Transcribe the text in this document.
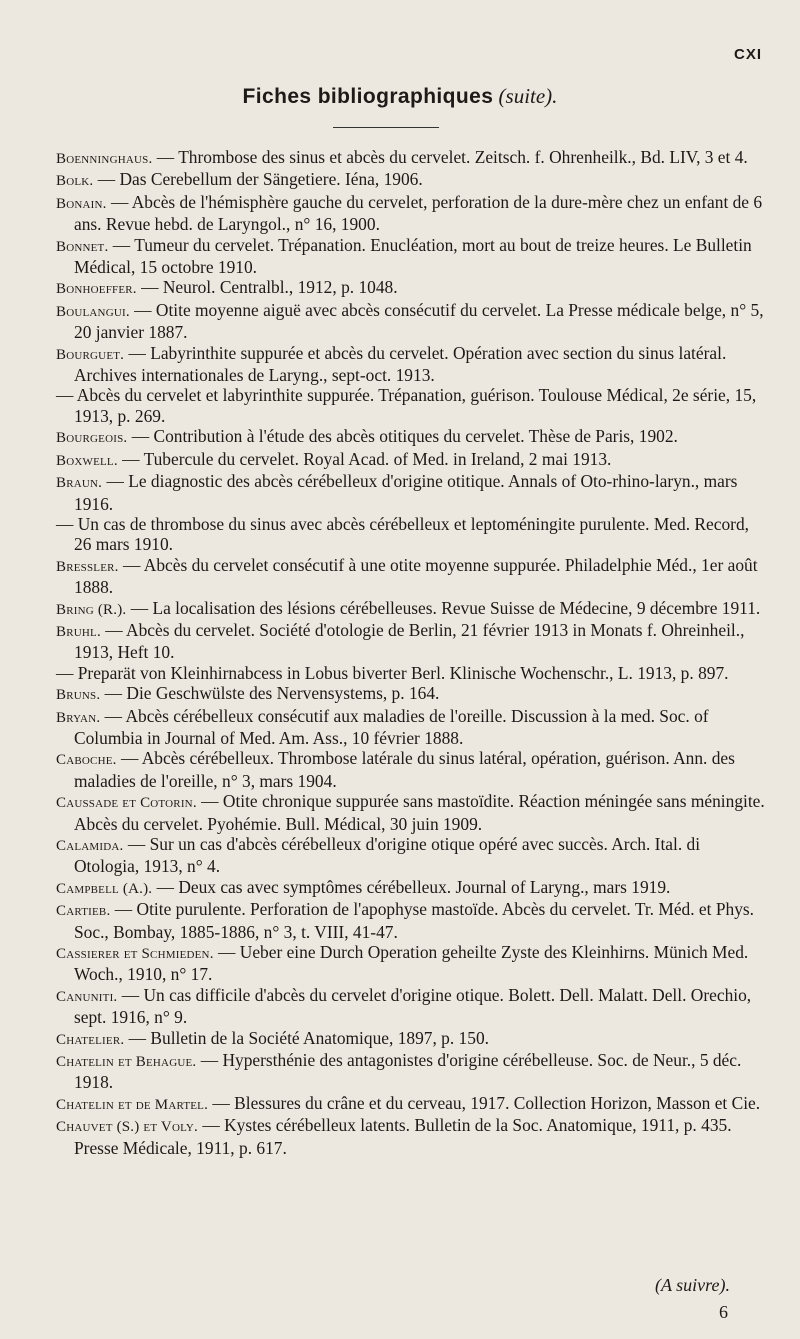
CXI
Fiches bibliographiques (suite).

Boenninghaus. — Thrombose des sinus et abcès du cervelet. Zeitsch. f. Ohrenheilk., Bd. LIV, 3 et 4.

Bolk. — Das Cerebellum der Sängetiere. Iéna, 1906.

Bonain. — Abcès de l'hémisphère gauche du cervelet, perforation de la dure-mère chez un enfant de 6 ans. Revue hebd. de Laryngol., n° 16, 1900.

Bonnet. — Tumeur du cervelet. Trépanation. Enucléation, mort au bout de treize heures. Le Bulletin Médical, 15 octobre 1910.

Bonhoeffer. — Neurol. Centralbl., 1912, p. 1048.

Boulangui. — Otite moyenne aiguë avec abcès consécutif du cervelet. La Presse médicale belge, n° 5, 20 janvier 1887.

Bourguet. — Labyrinthite suppurée et abcès du cervelet. Opération avec section du sinus latéral. Archives internationales de Laryng., sept-oct. 1913.

— Abcès du cervelet et labyrinthite suppurée. Trépanation, guérison. Toulouse Médical, 2e série, 15, 1913, p. 269.

Bourgeois. — Contribution à l'étude des abcès otitiques du cervelet. Thèse de Paris, 1902.

Boxwell. — Tubercule du cervelet. Royal Acad. of Med. in Ireland, 2 mai 1913.

Braun. — Le diagnostic des abcès cérébelleux d'origine otitique. Annals of Oto-rhino-laryn., mars 1916.

— Un cas de thrombose du sinus avec abcès cérébelleux et leptoméningite purulente. Med. Record, 26 mars 1910.

Bressler. — Abcès du cervelet consécutif à une otite moyenne suppurée. Philadelphie Méd., 1er août 1888.

Bring (R.). — La localisation des lésions cérébelleuses. Revue Suisse de Médecine, 9 décembre 1911.

Bruhl. — Abcès du cervelet. Société d'otologie de Berlin, 21 février 1913 in Monats f. Ohreinheil., 1913, Heft 10.

— Preparät von Kleinhirnabcess in Lobus biverter Berl. Klinische Wochenschr., L. 1913, p. 897.

Bruns. — Die Geschwülste des Nervensystems, p. 164.

Bryan. — Abcès cérébelleux consécutif aux maladies de l'oreille. Discussion à la med. Soc. of Columbia in Journal of Med. Am. Ass., 10 février 1888.

Caboche. — Abcès cérébelleux. Thrombose latérale du sinus latéral, opération, guérison. Ann. des maladies de l'oreille, n° 3, mars 1904.

Caussade et Cotorin. — Otite chronique suppurée sans mastoïdite. Réaction méningée sans méningite. Abcès du cervelet. Pyohémie. Bull. Médical, 30 juin 1909.

Calamida. — Sur un cas d'abcès cérébelleux d'origine otique opéré avec succès. Arch. Ital. di Otologia, 1913, n° 4.

Campbell (A.). — Deux cas avec symptômes cérébelleux. Journal of Laryng., mars 1919.

Cartieb. — Otite purulente. Perforation de l'apophyse mastoïde. Abcès du cervelet. Tr. Méd. et Phys. Soc., Bombay, 1885-1886, n° 3, t. VIII, 41-47.

Cassierer et Schmieden. — Ueber eine Durch Operation geheilte Zyste des Kleinhirns. Münich Med. Woch., 1910, n° 17.

Canuniti. — Un cas difficile d'abcès du cervelet d'origine otique. Bolett. Dell. Malatt. Dell. Orechio, sept. 1916, n° 9.

Chatelier. — Bulletin de la Société Anatomique, 1897, p. 150.

Chatelin et Behague. — Hypersthénie des antagonistes d'origine cérébelleuse. Soc. de Neur., 5 déc. 1918.

Chatelin et de Martel. — Blessures du crâne et du cerveau, 1917. Collection Horizon, Masson et Cie.

Chauvet (S.) et Voly. — Kystes cérébelleux latents. Bulletin de la Soc. Anatomique, 1911, p. 435. Presse Médicale, 1911, p. 617.

(A suivre).
6
